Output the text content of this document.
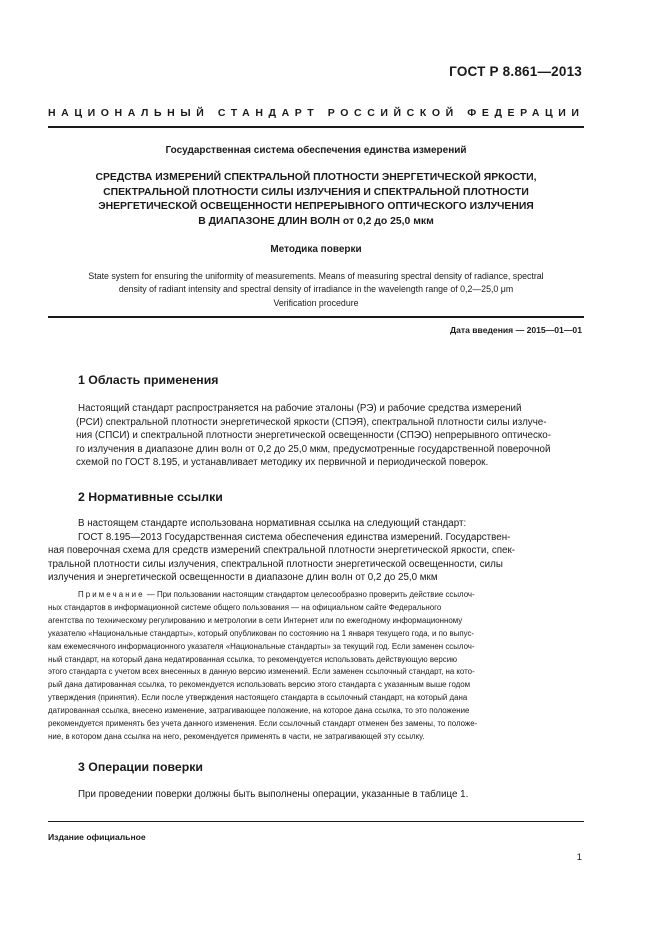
ГОСТ Р 8.861—2013
НАЦИОНАЛЬНЫЙ СТАНДАРТ РОССИЙСКОЙ ФЕДЕРАЦИИ
Государственная система обеспечения единства измерений
СРЕДСТВА ИЗМЕРЕНИЙ СПЕКТРАЛЬНОЙ ПЛОТНОСТИ ЭНЕРГЕТИЧЕСКОЙ ЯРКОСТИ,
СПЕКТРАЛЬНОЙ ПЛОТНОСТИ СИЛЫ ИЗЛУЧЕНИЯ И СПЕКТРАЛЬНОЙ ПЛОТНОСТИ
ЭНЕРГЕТИЧЕСКОЙ ОСВЕЩЕННОСТИ НЕПРЕРЫВНОГО ОПТИЧЕСКОГО ИЗЛУЧЕНИЯ
В ДИАПАЗОНЕ ДЛИН ВОЛН от 0,2 до 25,0 мкм
Методика поверки
State system for ensuring the uniformity of measurements. Means of measuring spectral density of radiance, spectral
density of radiant intensity and spectral density of irradiance in the wavelength range of 0,2—25,0 μm
Verification procedure
Дата введения — 2015—01—01
1 Область применения
Настоящий стандарт распространяется на рабочие эталоны (РЭ) и рабочие средства измерений
(РСИ) спектральной плотности энергетической яркости (СПЭЯ), спектральной плотности силы излуче-
ния (СПСИ) и спектральной плотности энергетической освещенности (СПЭО) непрерывного оптическо-
го излучения в диапазоне длин волн от 0,2 до 25,0 мкм, предусмотренные государственной поверочной
схемой по ГОСТ 8.195, и устанавливает методику их первичной и периодической поверок.
2 Нормативные ссылки
В настоящем стандарте использована нормативная ссылка на следующий стандарт:
ГОСТ 8.195—2013 Государственная система обеспечения единства измерений. Государствен-
ная поверочная схема для средств измерений спектральной плотности энергетической яркости, спек-
тральной плотности силы излучения, спектральной плотности энергетической освещенности, силы
излучения и энергетической освещенности в диапазоне длин волн от 0,2 до 25,0 мкм
Примечание — При пользовании настоящим стандартом целесообразно проверить действие ссылоч-
ных стандартов в информационной системе общего пользования — на официальном сайте Федерального
агентства по техническому регулированию и метрологии в сети Интернет или по ежегодному информационному
указателю «Национальные стандарты», который опубликован по состоянию на 1 января текущего года, и по выпус-
кам ежемесячного информационного указателя «Национальные стандарты» за текущий год. Если заменен ссылоч-
ный стандарт, на который дана недатированная ссылка, то рекомендуется использовать действующую версию
этого стандарта с учетом всех внесенных в данную версию изменений. Если заменен ссылочный стандарт, на кото-
рый дана датированная ссылка, то рекомендуется использовать версию этого стандарта с указанным выше годом
утверждения (принятия). Если после утверждения настоящего стандарта в ссылочный стандарт, на который дана
датированная ссылка, внесено изменение, затрагивающее положение, на которое дана ссылка, то это положение
рекомендуется применять без учета данного изменения. Если ссылочный стандарт отменен без замены, то положе-
ние, в котором дана ссылка на него, рекомендуется применять в части, не затрагивающей эту ссылку.
3 Операции поверки
При проведении поверки должны быть выполнены операции, указанные в таблице 1.
Издание официальное
1
